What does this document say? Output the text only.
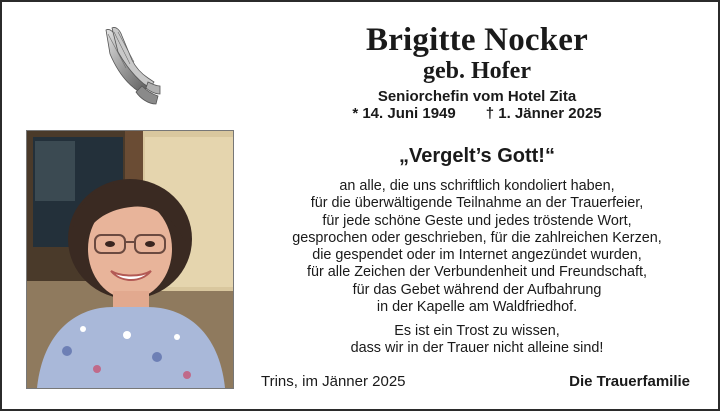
Brigitte Nocker
geb. Hofer
Seniorchefin vom Hotel Zita
* 14. Juni 1949 † 1. Jänner 2025
„Vergelt’s Gott!“
an alle, die uns schriftlich kondoliert haben,
für die überwältigende Teilnahme an der Trauerfeier,
für jede schöne Geste und jedes tröstende Wort,
gesprochen oder geschrieben, für die zahlreichen Kerzen,
die gespendet oder im Internet angezündet wurden,
für alle Zeichen der Verbundenheit und Freundschaft,
für das Gebet während der Aufbahrung
in der Kapelle am Waldfriedhof.
Es ist ein Trost zu wissen,
dass wir in der Trauer nicht alleine sind!
Trins, im Jänner 2025	Die Trauerfamilie
